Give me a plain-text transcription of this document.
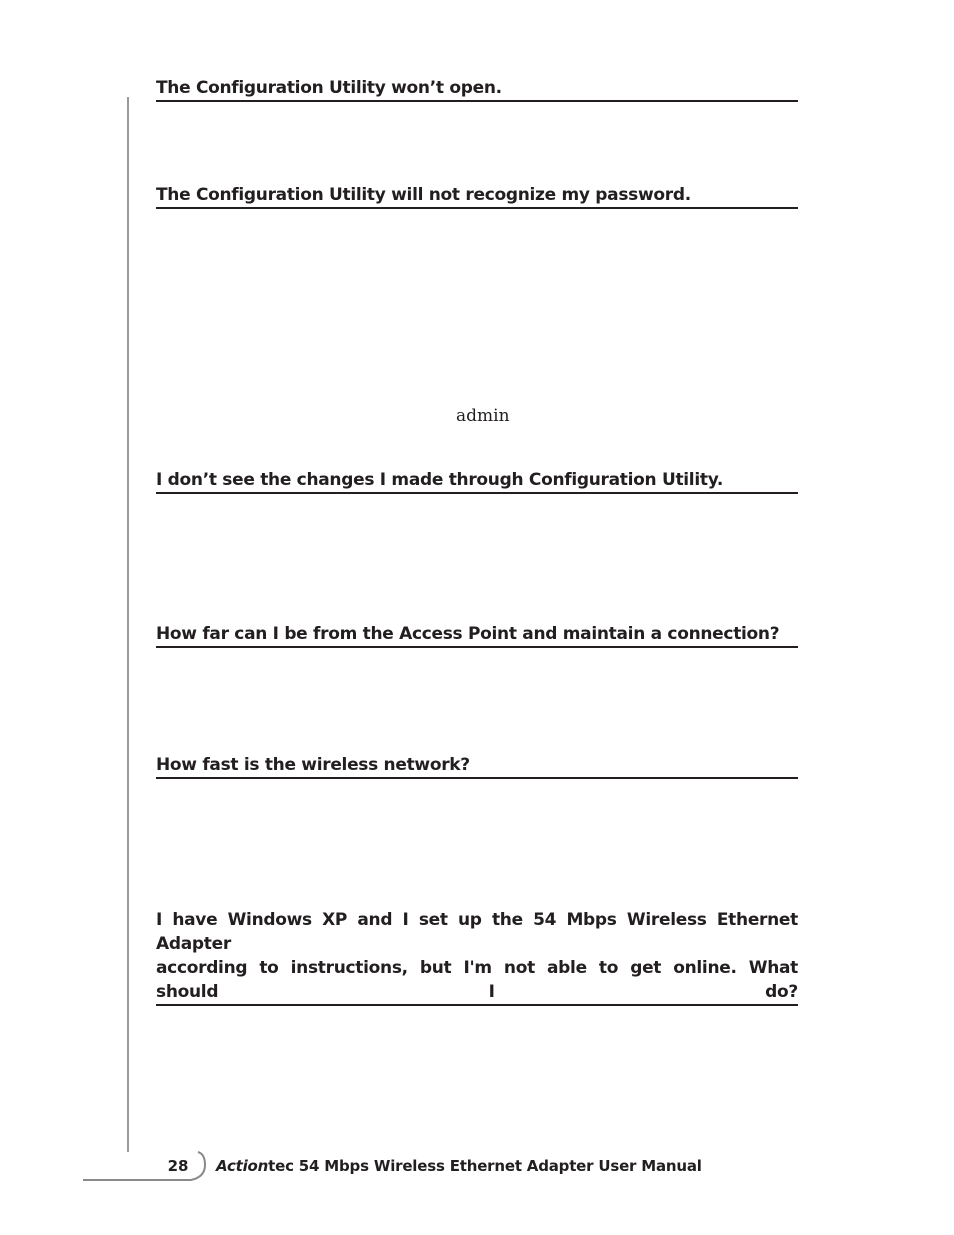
The Configuration Utility won’t open.
The Configuration Utility will not recognize my password.
admin
I don’t see the changes I made through Configuration Utility.
How far can I be from the Access Point and maintain a connection?
How fast is the wireless network?
I have Windows XP and I set up the 54 Mbps Wireless Ethernet Adapter
according to instructions, but I'm not able to get online. What should I do?
28	Actiontec 54 Mbps Wireless Ethernet Adapter User Manual
